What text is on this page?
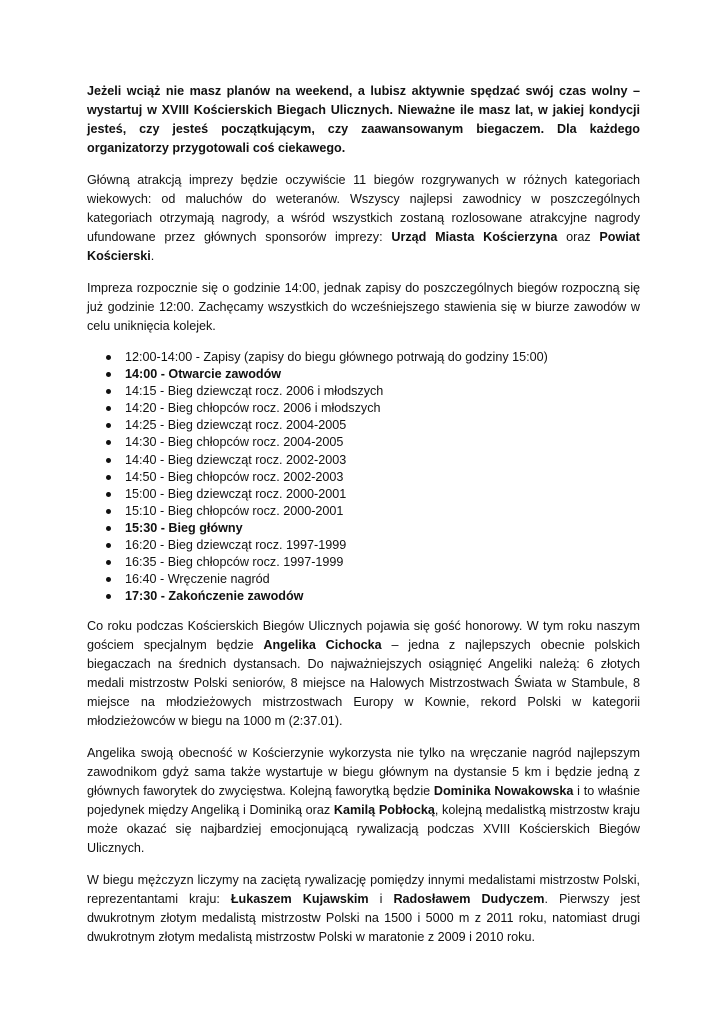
Jeżeli wciąż nie masz planów na weekend, a lubisz aktywnie spędzać swój czas wolny – wystartuj w XVIII Kościerskich Biegach Ulicznych. Nieważne ile masz lat, w jakiej kondycji jesteś, czy jesteś początkującym, czy zaawansowanym biegaczem. Dla każdego organizatorzy przygotowali coś ciekawego.

Główną atrakcją imprezy będzie oczywiście 11 biegów rozgrywanych w różnych kategoriach wiekowych: od maluchów do weteranów. Wszyscy najlepsi zawodnicy w poszczególnych kategoriach otrzymają nagrody, a wśród wszystkich zostaną rozlosowane atrakcyjne nagrody ufundowane przez głównych sponsorów imprezy: Urząd Miasta Kościerzyna oraz Powiat Kościerski.

Impreza rozpocznie się o godzinie 14:00, jednak zapisy do poszczególnych biegów rozpoczną się już godzinie 12:00. Zachęcamy wszystkich do wcześniejszego stawienia się w biurze zawodów w celu uniknięcia kolejek.

12:00-14:00 - Zapisy (zapisy do biegu głównego potrwają do godziny 15:00)
14:00 - Otwarcie zawodów
14:15 - Bieg dziewcząt rocz. 2006 i młodszych
14:20 - Bieg chłopców rocz. 2006 i młodszych
14:25 - Bieg dziewcząt rocz. 2004-2005
14:30 - Bieg chłopców rocz. 2004-2005
14:40 - Bieg dziewcząt rocz. 2002-2003
14:50 - Bieg chłopców rocz. 2002-2003
15:00 - Bieg dziewcząt rocz. 2000-2001
15:10 - Bieg chłopców rocz. 2000-2001
15:30 - Bieg główny
16:20 - Bieg dziewcząt rocz. 1997-1999
16:35 - Bieg chłopców rocz. 1997-1999
16:40 - Wręczenie nagród
17:30 - Zakończenie zawodów

Co roku podczas Kościerskich Biegów Ulicznych pojawia się gość honorowy. W tym roku naszym gościem specjalnym będzie Angelika Cichocka – jedna z najlepszych obecnie polskich biegaczach na średnich dystansach. Do najważniejszych osiągnięć Angeliki należą: 6 złotych medali mistrzostw Polski seniorów, 8 miejsce na Halowych Mistrzostwach Świata w Stambule, 8 miejsce na młodzieżowych mistrzostwach Europy w Kownie, rekord Polski w kategorii młodzieżowców w biegu na 1000 m (2:37.01).

Angelika swoją obecność w Kościerzynie wykorzysta nie tylko na wręczanie nagród najlepszym zawodnikom gdyż sama także wystartuje w biegu głównym na dystansie 5 km i będzie jedną z głównych faworytek do zwycięstwa. Kolejną faworytką będzie Dominika Nowakowska i to właśnie pojedynek między Angeliką i Dominiką oraz Kamilą Pobłocką, kolejną medalistką mistrzostw kraju może okazać się najbardziej emocjonującą rywalizacją podczas XVIII Kościerskich Biegów Ulicznych.

W biegu mężczyzn liczymy na zaciętą rywalizację pomiędzy innymi medalistami mistrzostw Polski, reprezentantami kraju: Łukaszem Kujawskim i Radosławem Dudyczem. Pierwszy jest dwukrotnym złotym medalistą mistrzostw Polski na 1500 i 5000 m z 2011 roku, natomiast drugi dwukrotnym złotym medalistą mistrzostw Polski w maratonie z 2009 i 2010 roku.
